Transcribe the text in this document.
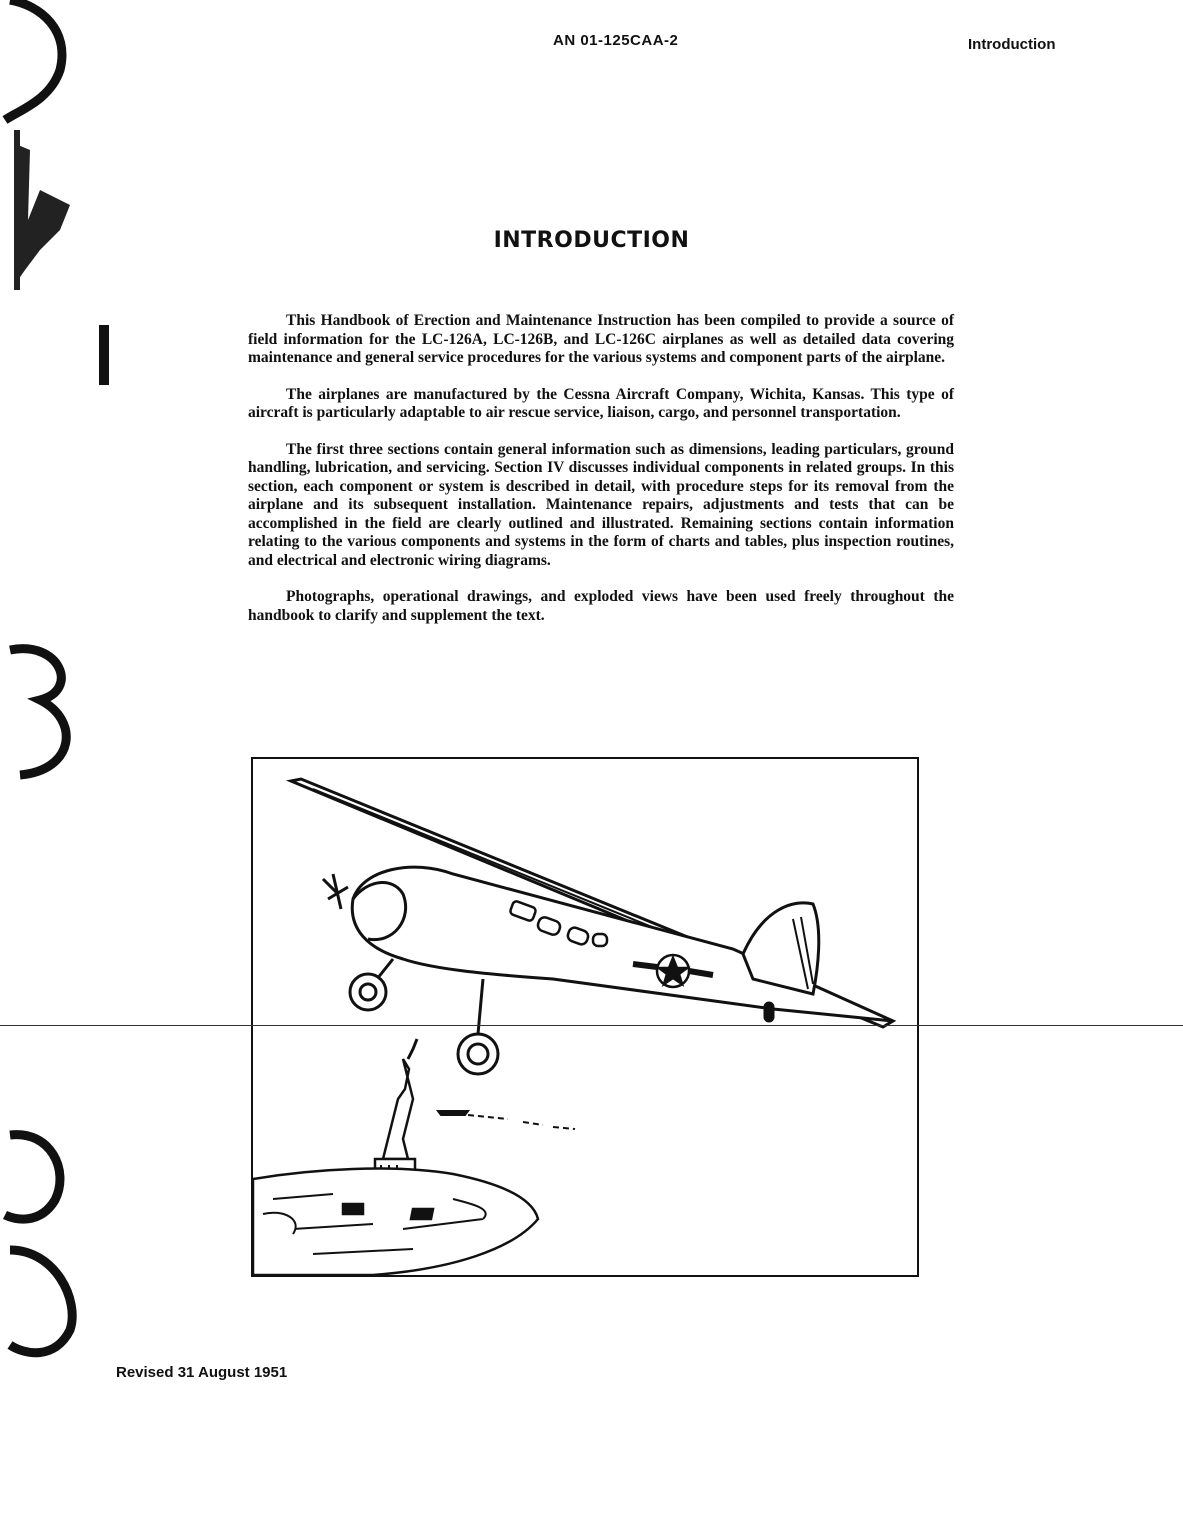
AN 01-125CAA-2	Introduction
INTRODUCTION

This Handbook of Erection and Maintenance Instruction has been compiled to provide a source of field information for the LC-126A, LC-126B, and LC-126C airplanes as well as detailed data covering maintenance and general service procedures for the various systems and component parts of the airplane.

The airplanes are manufactured by the Cessna Aircraft Company, Wichita, Kansas. This type of aircraft is particularly adaptable to air rescue service, liaison, cargo, and personnel transportation.

The first three sections contain general information such as dimensions, leading particulars, ground handling, lubrication, and servicing. Section IV discusses individual components in related groups. In this section, each component or system is described in detail, with procedure steps for its removal from the airplane and its subsequent installation. Maintenance repairs, adjustments and tests that can be accomplished in the field are clearly outlined and illustrated. Remaining sections contain information relating to the various components and systems in the form of charts and tables, plus inspection routines, and electrical and electronic wiring diagrams.

Photographs, operational drawings, and exploded views have been used freely throughout the handbook to clarify and supplement the text.

Revised 31 August 1951
